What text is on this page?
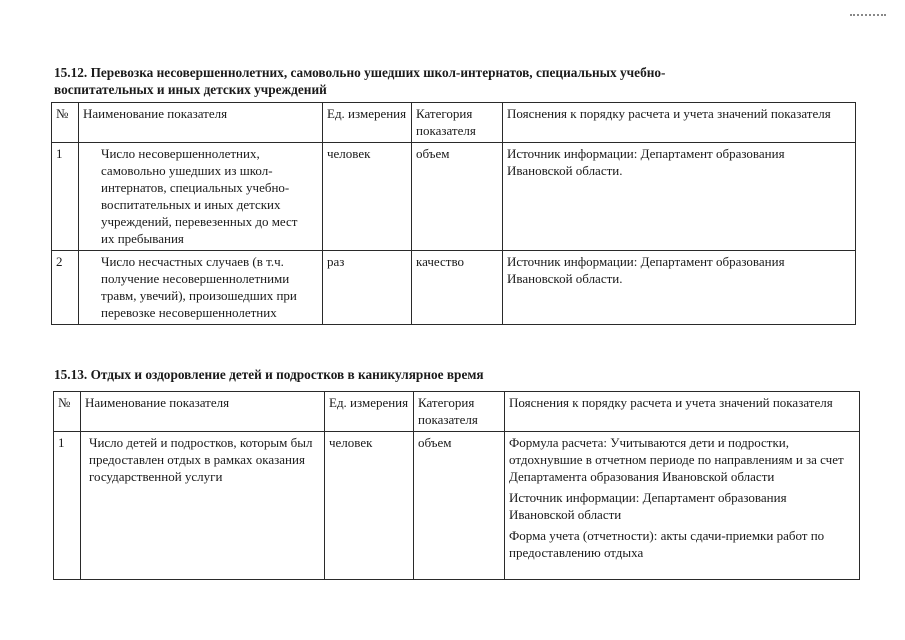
15.12. Перевозка несовершеннолетних, самовольно ушедших школ-интернатов, специальных учебно-
воспитательных и иных детских учреждений
№	Наименование показателя	Ед. измерения	Категория показателя	Пояснения к порядку расчета и учета значений показателя
1	Число несовершеннолетних, самовольно ушедших из школ-интернатов, специальных учебно-воспитательных и иных детских учреждений, перевезенных до мест их пребывания	человек	объем	Источник информации: Департамент образования Ивановской области.
2	Число несчастных случаев (в т.ч. получение несовершеннолетними травм, увечий), произошедших при перевозке несовершеннолетних	раз	качество	Источник информации: Департамент образования Ивановской области.
15.13. Отдых и оздоровление детей и подростков в каникулярное время
№	Наименование показателя	Ед. измерения	Категория показателя	Пояснения к порядку расчета и учета значений показателя
1	Число детей и подростков, которым был предоставлен отдых в рамках оказания государственной услуги	человек	объем	Формула расчета: Учитываются дети и подростки, отдохнувшие в отчетном периоде по направлениям и за счет Департамента образования Ивановской области
Источник информации: Департамент образования Ивановской области
Форма учета (отчетности): акты сдачи-приемки работ по предоставлению отдыха
